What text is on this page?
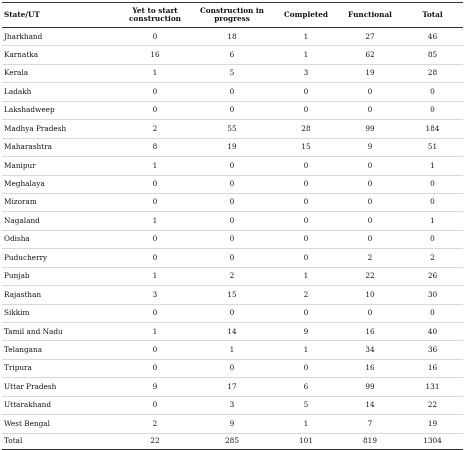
State/UT	Yet to start construction	Construction in progress	Completed	Functional	Total
Jharkhand	0	18	1	27	46
Karnatka	16	6	1	62	85
Kerala	1	5	3	19	28
Ladakh	0	0	0	0	0
Lakshadweep	0	0	0	0	0
Madhya Pradesh	2	55	28	99	184
Maharashtra	8	19	15	9	51
Manipur	1	0	0	0	1
Meghalaya	0	0	0	0	0
Mizoram	0	0	0	0	0
Nagaland	1	0	0	0	1
Odisha	0	0	0	0	0
Puducherry	0	0	0	2	2
Punjab	1	2	1	22	26
Rajasthan	3	15	2	10	30
Sikkim	0	0	0	0	0
Tamil and Nadu	1	14	9	16	40
Telangana	0	1	1	34	36
Tripura	0	0	0	16	16
Uttar Pradesh	9	17	6	99	131
Uttarakhand	0	3	5	14	22
West Bengal	2	9	1	7	19
Total	22	285	101	819	1304
